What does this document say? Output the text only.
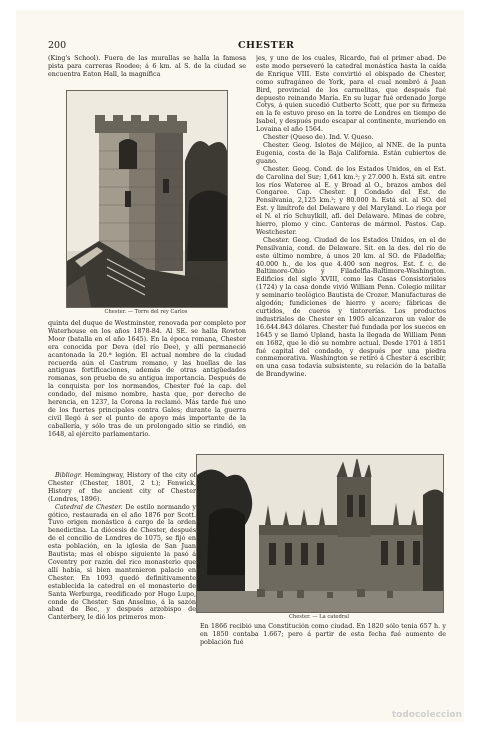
200	CHESTER

(King's School). Fuera de las murallas se halla la famosa pista para carreras Roodee; á 6 km. al S. de la ciudad se encuentra Eaton Hall, la magnífica

Chester. — Torre del rey Carlos

quinta del duque de Westminster, renovada por completo por Waterhouse en los años 1878-84. Al SE. se halla Rowton Moor (batalla en el año 1645). En la época romana, Chester era conocida por Deva (del río Dee), y allí permaneció acantonada la 20.ª legión. El actual nombre de la ciudad recuerda aún el Castrum romano, y las huellas de las antiguas fortificaciones, además de otras antigüedades romanas, son prueba de su antigua importancia. Después de la conquista por los normandos, Chester fué la cap. del condado, del mismo nombre, hasta que, por derecho de herencia, en 1237, la Corona la reclamó. Más tarde fué uno de los fuertes principales contra Gales; durante la guerra civil llegó á ser el punto de apoyo más importante de la caballería, y sólo tras de un prolongado sitio se rindió, en 1648, al ejército parlamentario.

Bibliogr. Hemingway, History of the city of Chester (Chester, 1801, 2 t.); Fenwick, History of the ancient city of Chester (Londres, 1896).

Catedral de Chester. De estilo normando y gótico, restaurada en el año 1876 por Scott. Tuvo origen monástico á cargo de la orden benedictina. La diócesis de Chester, después de el concilio de Londres de 1075, se fijó en esta población, en la iglesia de San Juan Bautista; mas el obispo siguiente la pasó á Coventry por razón del rico monasterio que allí había, si bien mantenieron palacio en Chester. En 1093 quedó definitivamente establecida la catedral en el monasterio de Santa Werburga, reedificado por Hugo Lupo, conde de Chester. San Anselmo, á la sazón abad de Bec, y después arzobispo de Canterbery, le dió los primeros mon-

jes, y uno de los cuales, Ricardo, fué el primer abad. De este modo perseveró la catedral monástica hasta la caída de Enrique VIII. Este convirtió el obispado de Chester, como sufragáneo de York, para el cual nombró á Juan Bird, provincial de los carmelitas, que después fué depuesto reinando María. En su lugar fué ordenado Jorge Cotys, á quien sucedió Cutberto Scott, que por su firmeza en la fe estuvo preso en la torre de Londres en tiempo de Isabel, y después pudo escapar al continente, muriendo en Lovaina el año 1564.

Chester (Queso de). Ind. V. Queso.

Chester. Geog. Islotes de Méjico, al NNE. de la punta Eugenia, costa de la Baja California. Están cubiertos de guano.

Chester. Geog. Cond. de los Estados Unidos, en el Est. de Carolina del Sur; 1,641 km.²; y 27.000 h. Está sit. entre los ríos Wateree al E. y Broad al O., brazos ambos del Congaree. Cap. Chester. ‖ Condado del Est. de Pensilvania, 2,125 km.²; y 80.000 h. Está sit. al SO. del Est. y limítrofe del Delaware y del Maryland. Lo riega por el N. el río Schuylkill, afl. del Delaware. Minas de cobre, hierro, plomo y cinc. Canteras de mármol. Pastos. Cap. Westchester.

Chester. Geog. Ciudad de los Estados Unidos, en el de Pensilvania, cond. de Delaware. Sit. en la des. del río de este último nombre, á unos 20 km. al SO. de Filadelfia; 40.000 h., de los que 4.400 son negros. Est. f. c. de Baltimore-Ohio y Filadelfia-Baltimore-Washington. Edificios del siglo XVIII, como las Casas Consistoriales (1724) y la casa donde vivió William Penn. Colegio militar y seminario teológico Bautista de Crozer. Manufacturas de algodón; fundiciones de hierro y acero; fábricas de curtidos, de cueros y tintorerías. Los productos industriales de Chester en 1905 alcanzaron un valor de 16.644.843 dólares. Chester fué fundada por los suecos en 1645 y se llamó Upland, hasta la llegada de William Penn en 1682, que le dió su nombre actual. Desde 1701 á 1851 fué capital del condado, y después por una piedra conmemorativa. Washington se retiró á Chester á escribir, en una casa todavía subsistente, su relación de la batalla de Brandywine.

Chester. — La catedral

En 1866 recibió una Constitución como ciudad. En 1820 sólo tenía 657 h. y en 1850 contaba 1.667; pero á partir de esta fecha fué aumento de población fué

todocoleccion
